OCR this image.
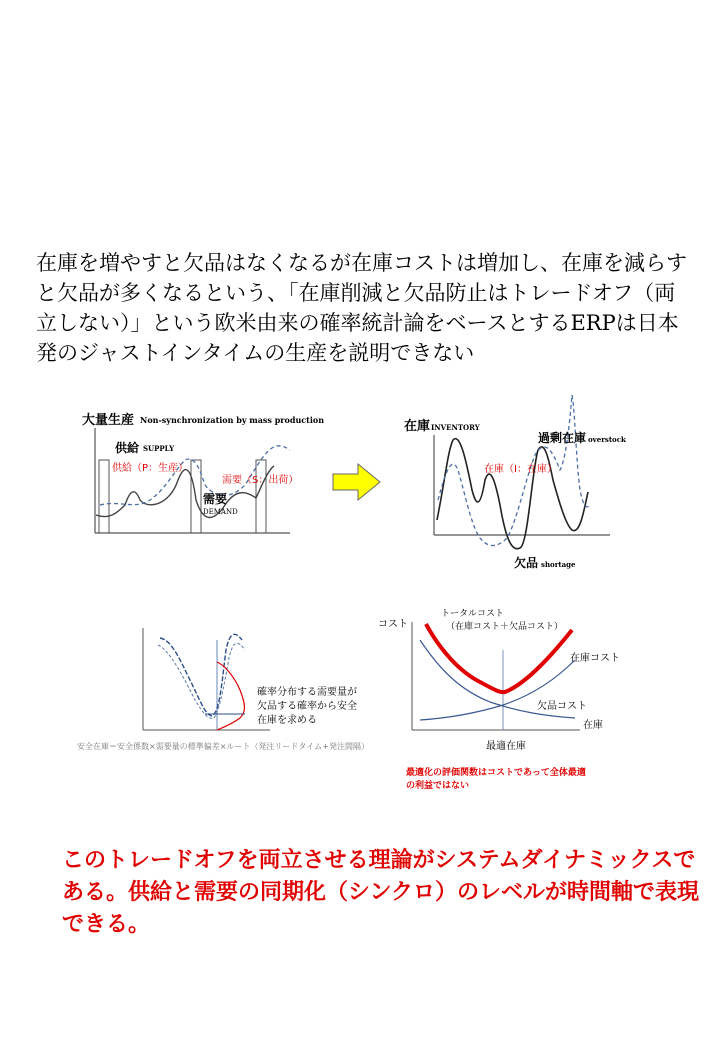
在庫を増やすと欠品はなくなるが在庫コストは増加し、在庫を減らすと欠品が多くなるという、「在庫削減と欠品防止はトレードオフ（両立しない）」という欧米由来の確率統計論をベースとするERPは日本発のジャストインタイムの生産を説明できない
大量生産 Non-synchronization by mass production
供給 SUPPLY
供給（P：生産）
需要（S：出荷）
需要
DEMAND
在庫 INVENTORY
過剰在庫 overstock
在庫（I：在庫）
欠品 shortage
確率分布する需要量が
欠品する確率から安全
在庫を求める
安全在庫＝安全係数×需要量の標準偏差×ルート（発注リードタイム+発注間隔）
コスト
トータルコスト
（在庫コスト＋欠品コスト）
在庫コスト
欠品コスト
在庫
最適在庫
最適化の評価関数はコストであって全体最適
の利益ではない
このトレードオフを両立させる理論がシステムダイナミックスである。供給と需要の同期化（シンクロ）のレベルが時間軸で表現できる。
